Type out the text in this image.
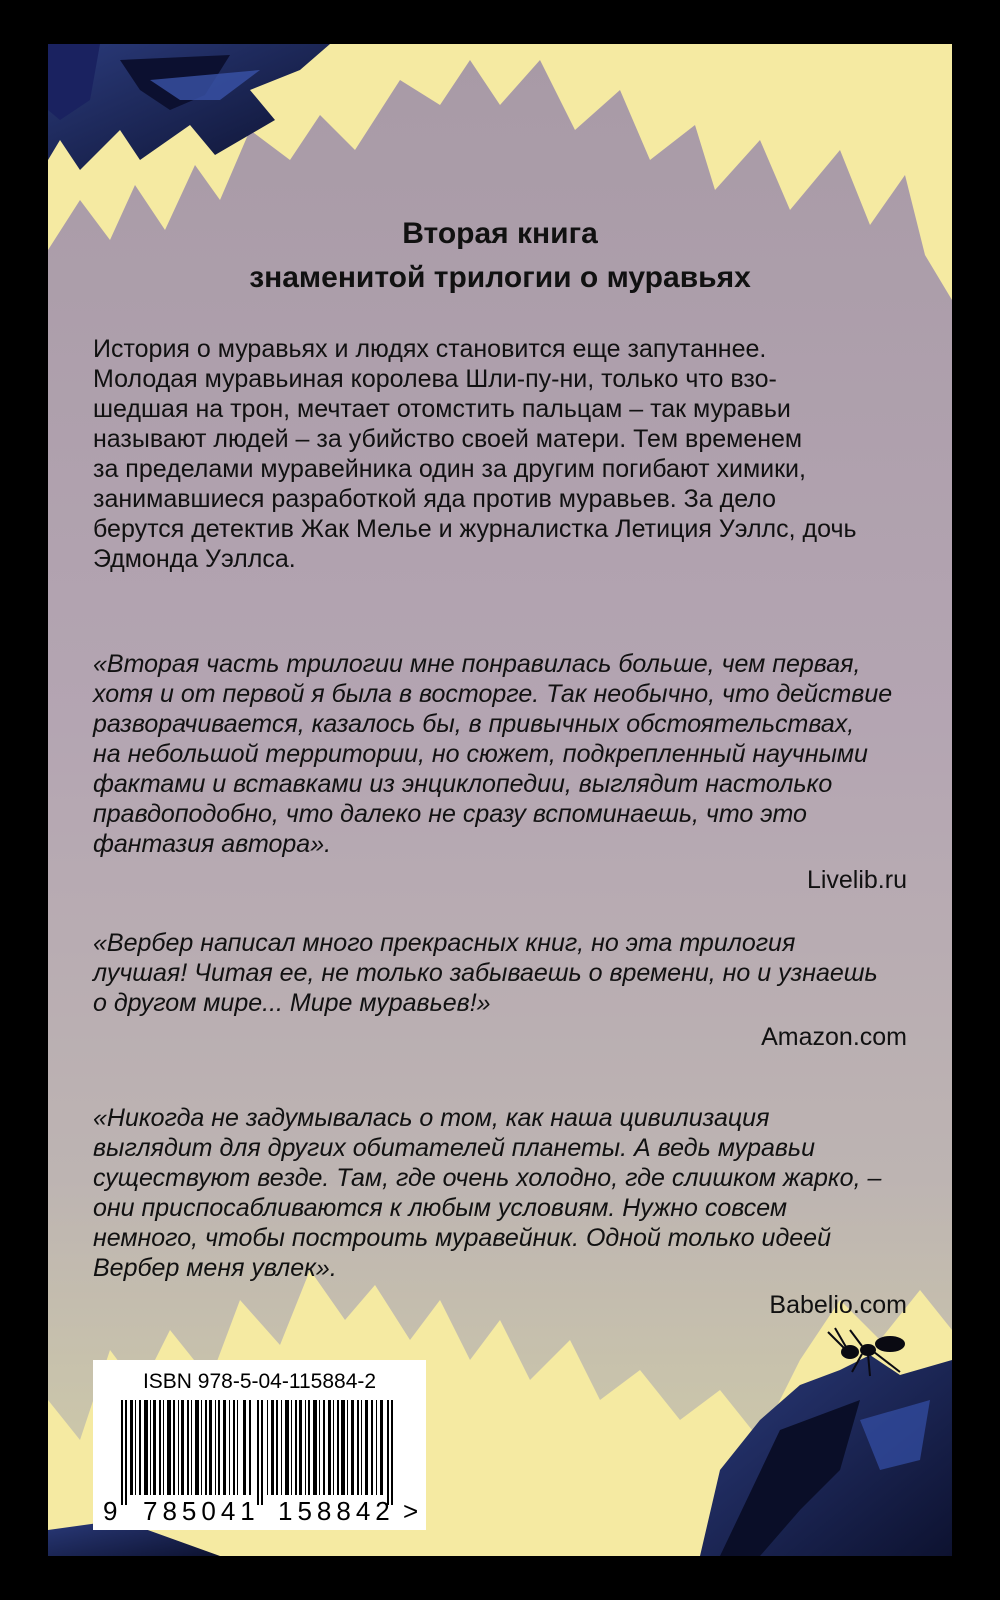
Вторая книга
знаменитой трилогии о муравьях
История о муравьях и людях становится еще запутаннее.
Молодая муравьиная королева Шли-пу-ни, только что взо-
шедшая на трон, мечтает отомстить пальцам – так муравьи
называют людей – за убийство своей матери. Тем временем
за пределами муравейника один за другим погибают химики,
занимавшиеся разработкой яда против муравьев. За дело
берутся детектив Жак Мелье и журналистка Летиция Уэллс, дочь
Эдмонда Уэллса.
«Вторая часть трилогии мне понравилась больше, чем первая,
хотя и от первой я была в восторге. Так необычно, что действие
разворачивается, казалось бы, в привычных обстоятельствах,
на небольшой территории, но сюжет, подкрепленный научными
фактами и вставками из энциклопедии, выглядит настолько
правдоподобно, что далеко не сразу вспоминаешь, что это
фантазия автора».
Livelib.ru
«Вербер написал много прекрасных книг, но эта трилогия
лучшая! Читая ее, не только забываешь о времени, но и узнаешь
о другом мире... Мире муравьев!»
Amazon.com
«Никогда не задумывалась о том, как наша цивилизация
выглядит для других обитателей планеты. А ведь муравьи
существуют везде. Там, где очень холодно, где слишком жарко, –
они приспосабливаются к любым условиям. Нужно совсем
немного, чтобы построить муравейник. Одной только идеей
Вербер меня увлек».
Babelio.com
ISBN 978-5-04-115884-2
9 785041 158842 >
